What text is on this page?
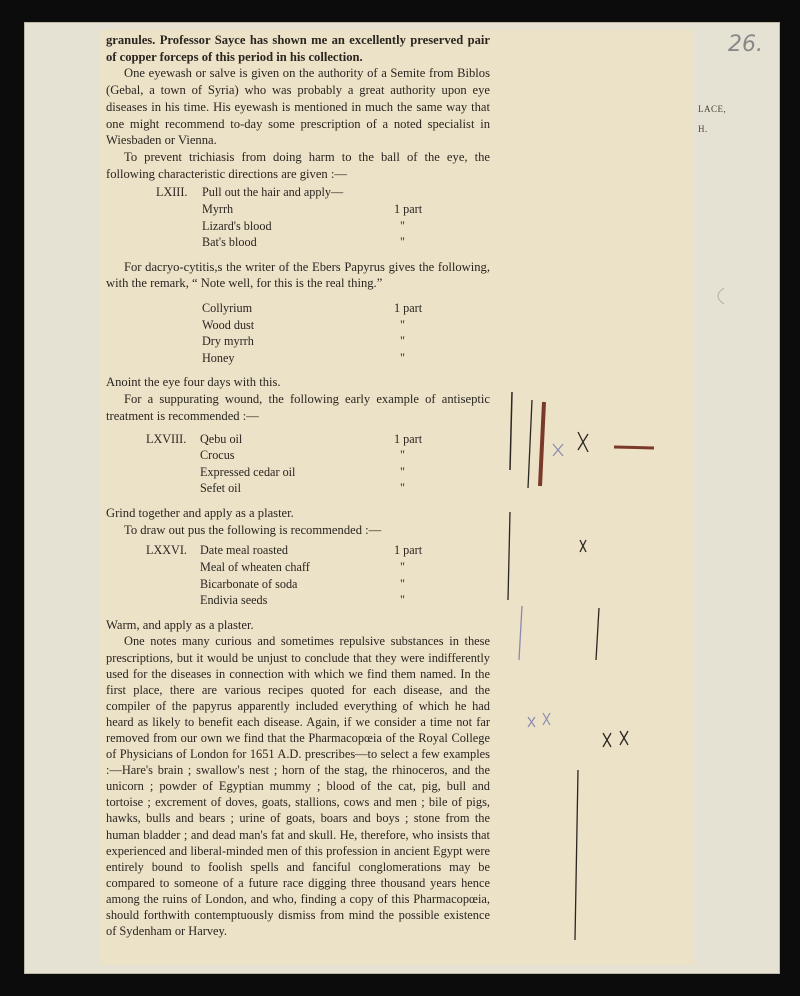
26.
LACE,
H.

granules. Professor Sayce has shown me an excellently preserved pair of copper forceps of this period in his collection.

One eyewash or salve is given on the authority of a Semite from Biblos (Gebal, a town of Syria) who was probably a great authority upon eye diseases in his time. His eyewash is mentioned in much the same way that one might recommend to-day some prescription of a noted specialist in Wiesbaden or Vienna.

To prevent trichiasis from doing harm to the ball of the eye, the following characteristic directions are given :—

LXIII. Pull out the hair and apply—
Myrrh	1 part
Lizard's blood	"
Bat's blood	"

For dacryo-cytitis,s the writer of the Ebers Papyrus gives the following, with the remark, “ Note well, for this is the real thing.”

Collyrium	1 part
Wood dust	"
Dry myrrh	"
Honey	"

Anoint the eye four days with this.

For a suppurating wound, the following early example of antiseptic treatment is recommended :—

LXVIII. Qebu oil	1 part
Crocus	"
Expressed cedar oil	"
Sefet oil	"

Grind together and apply as a plaster.

To draw out pus the following is recommended :—

LXXVI. Date meal roasted	1 part
Meal of wheaten chaff	"
Bicarbonate of soda	"
Endivia seeds	"

Warm, and apply as a plaster.

One notes many curious and sometimes repulsive substances in these prescriptions, but it would be unjust to conclude that they were indifferently used for the diseases in connection with which we find them named. In the first place, there are various recipes quoted for each disease, and the compiler of the papyrus apparently included everything of which he had heard as likely to benefit each disease. Again, if we consider a time not far removed from our own we find that the Pharmacopœia of the Royal College of Physicians of London for 1651 A.D. prescribes—to select a few examples :—Hare's brain ; swallow's nest ; horn of the stag, the rhinoceros, and the unicorn ; powder of Egyptian mummy ; blood of the cat, pig, bull and tortoise ; excrement of doves, goats, stallions, cows and men ; bile of pigs, hawks, bulls and bears ; urine of goats, boars and boys ; stone from the human bladder ; and dead man's fat and skull. He, therefore, who insists that experienced and liberal-minded men of this profession in ancient Egypt were entirely bound to foolish spells and fanciful conglomerations may be compared to someone of a future race digging three thousand years hence among the ruins of London, and who, finding a copy of this Pharmacopœia, should forthwith contemptuously dismiss from mind the possible existence of Sydenham or Harvey.
